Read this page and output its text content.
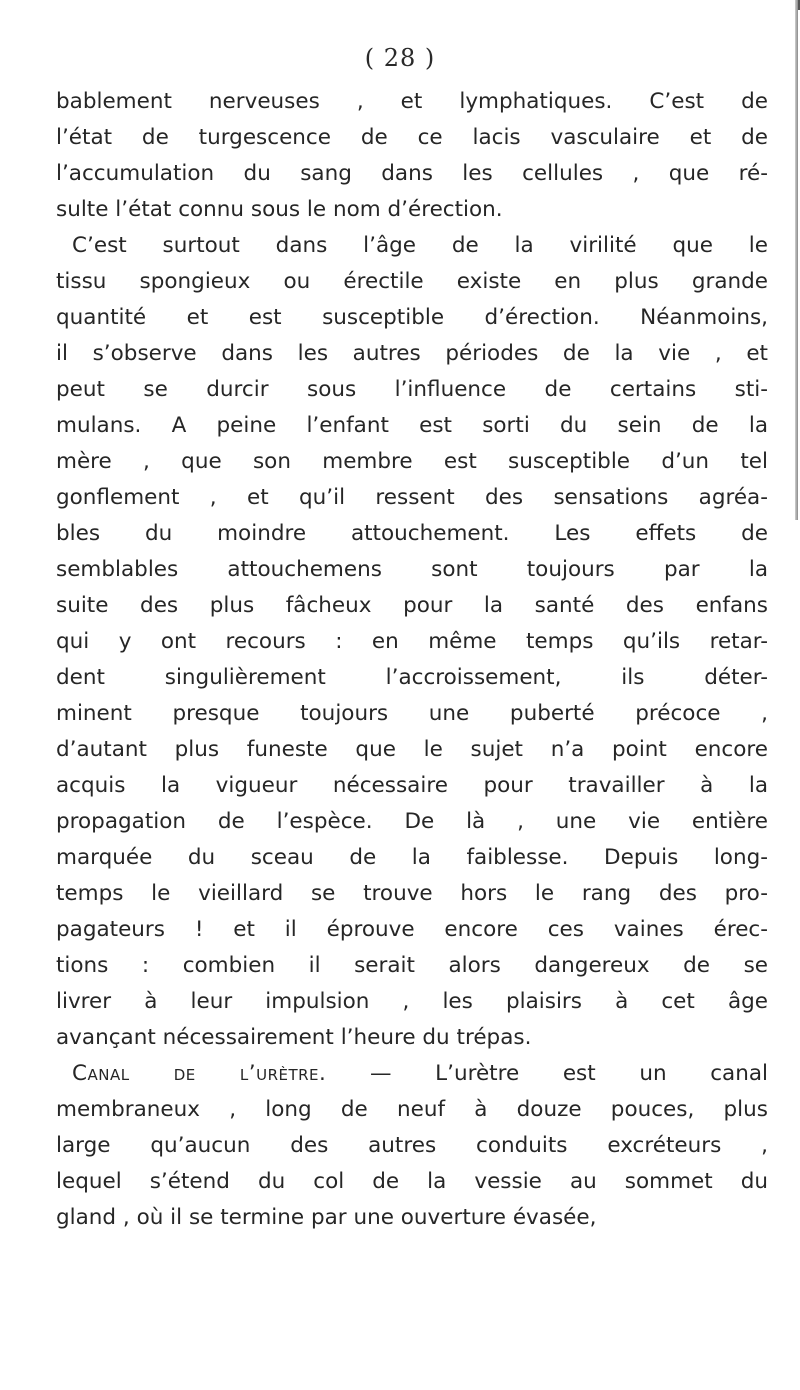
( 28 )
bablement nerveuses , et lymphatiques. C’est de
l’état de turgescence de ce lacis vasculaire et de
l’accumulation du sang dans les cellules , que ré-
sulte l’état connu sous le nom d’érection.
C’est surtout dans l’âge de la virilité que le
tissu spongieux ou érectile existe en plus grande
quantité et est susceptible d’érection. Néanmoins,
il s’observe dans les autres périodes de la vie , et
peut se durcir sous l’influence de certains sti-
mulans. A peine l’enfant est sorti du sein de la
mère , que son membre est susceptible d’un tel
gonflement , et qu’il ressent des sensations agréa-
bles du moindre attouchement. Les effets de
semblables attouchemens sont toujours par la
suite des plus fâcheux pour la santé des enfans
qui y ont recours : en même temps qu’ils retar-
dent singulièrement l’accroissement, ils déter-
minent presque toujours une puberté précoce ,
d’autant plus funeste que le sujet n’a point encore
acquis la vigueur nécessaire pour travailler à la
propagation de l’espèce. De là , une vie entière
marquée du sceau de la faiblesse. Depuis long-
temps le vieillard se trouve hors le rang des pro-
pagateurs ! et il éprouve encore ces vaines érec-
tions : combien il serait alors dangereux de se
livrer à leur impulsion , les plaisirs à cet âge
avançant nécessairement l’heure du trépas.
Canal de l’urètre. — L’urètre est un canal
membraneux , long de neuf à douze pouces, plus
large qu’aucun des autres conduits excréteurs ,
lequel s’étend du col de la vessie au sommet du
gland , où il se termine par une ouverture évasée,
